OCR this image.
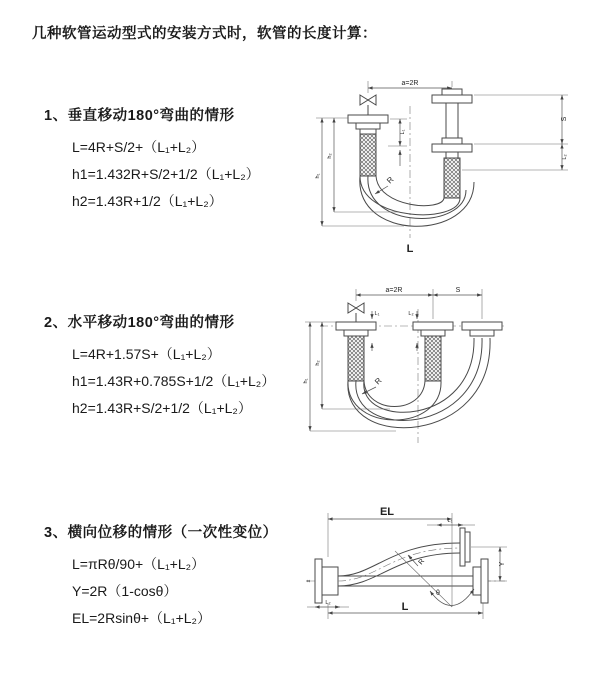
几种软管运动型式的安装方式时，软管的长度计算：
1、垂直移动180°弯曲的情形
L=4R+S/2+（L₁+L₂）
h1=1.432R+S/2+1/2（L₁+L₂）
h2=1.43R+1/2（L₁+L₂）
2、水平移动180°弯曲的情形
L=4R+1.57S+（L₁+L₂）
h1=1.43R+0.785S+1/2（L₁+L₂）
h2=1.43R+S/2+1/2（L₁+L₂）
3、横向位移的情形（一次性变位）
L=πRθ/90+（L₁+L₂）
Y=2R（1-cosθ）
EL=2Rsinθ+（L₁+L₂）
a=2R
R
L₁
S
L₂
h₁
h₂
L
a=2R	S
R
L₁	L₂
h₁
h₂
x̄
EL
L₁
Y
R
θ
L₂	L
